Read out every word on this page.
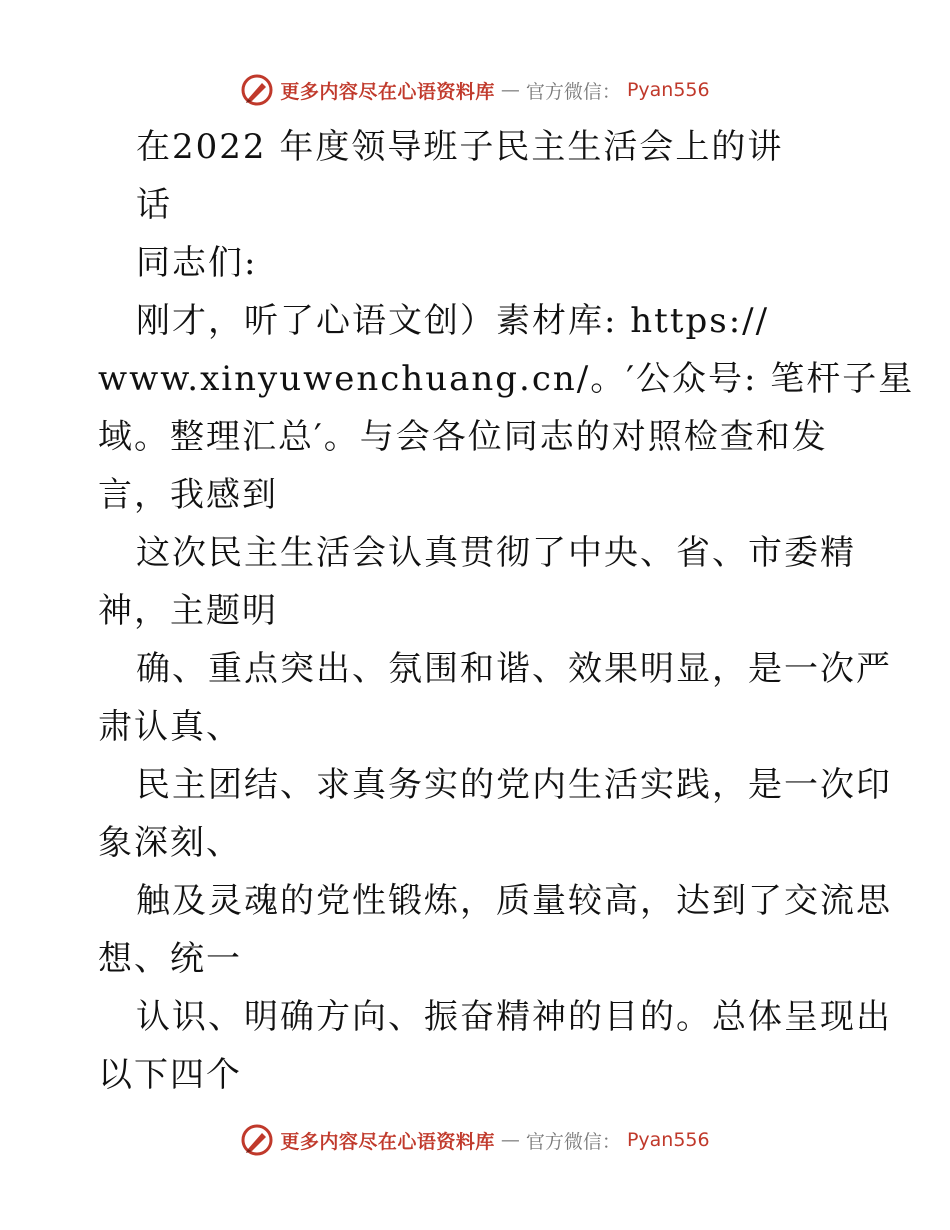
更多内容尽在心语资料库 — 官方微信： Pyan556
在2022 年度领导班子民主生活会上的讲
话
同志们:
刚才，听了心语文创）素材库: https://
www.xinyuwenchuang.cn/。′公众号: 笔杆子星
域。整理汇总′。与会各位同志的对照检查和发
言，我感到
这次民主生活会认真贯彻了中央、省、市委精
神，主题明
确、重点突出、氛围和谐、效果明显，是一次严
肃认真、
民主团结、求真务实的党内生活实践，是一次印
象深刻、
触及灵魂的党性锻炼，质量较高，达到了交流思
想、统一
认识、明确方向、振奋精神的目的。总体呈现出
以下四个
更多内容尽在心语资料库 — 官方微信： Pyan556
